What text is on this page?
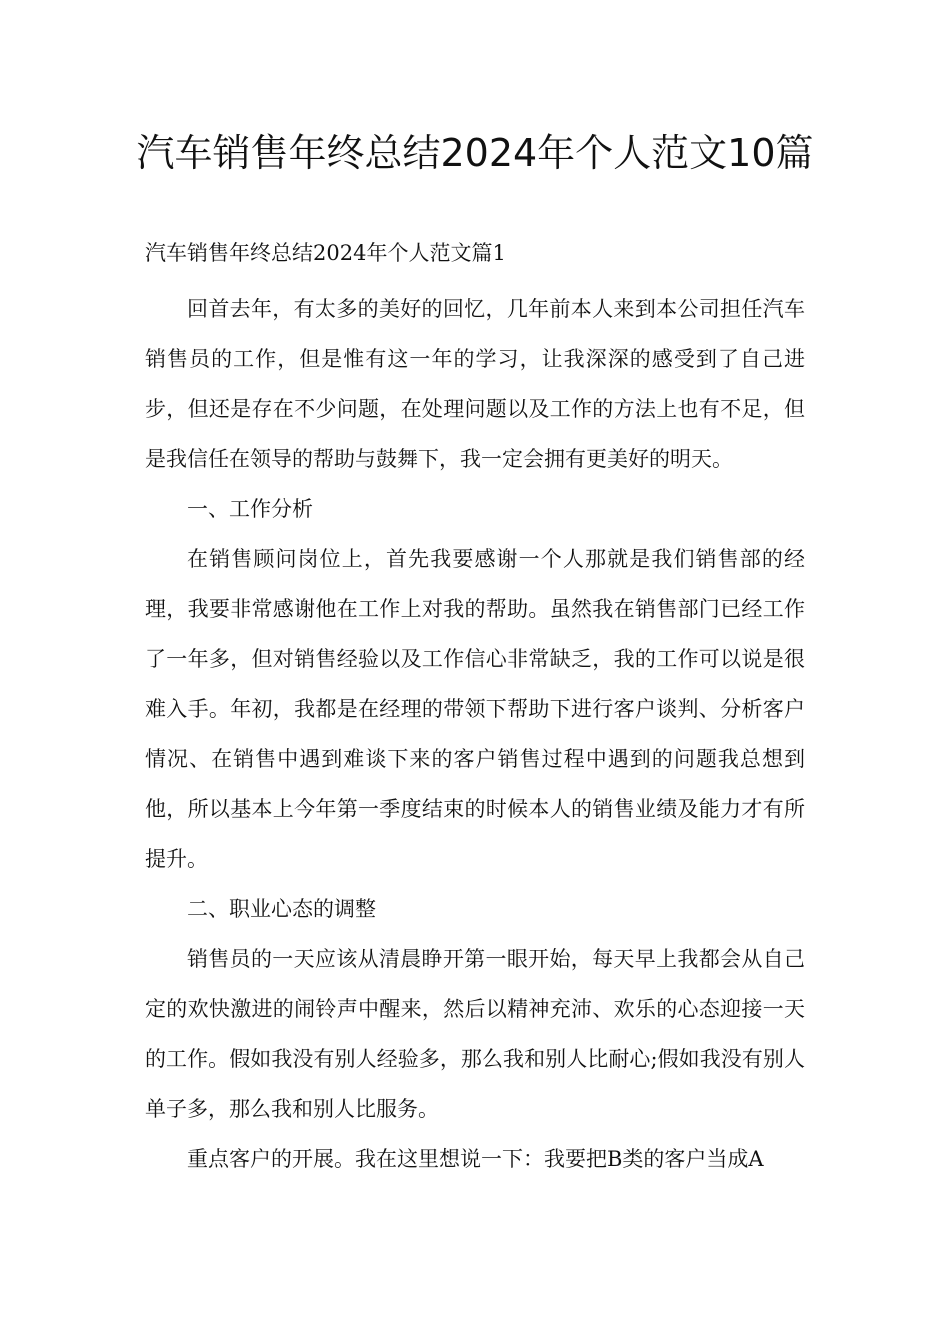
汽车销售年终总结2024年个人范文10篇
汽车销售年终总结2024年个人范文篇1

回首去年，有太多的美好的回忆，几年前本人来到本公司担任汽车销售员的工作，但是惟有这一年的学习，让我深深的感受到了自己进步，但还是存在不少问题，在处理问题以及工作的方法上也有不足，但是我信任在领导的帮助与鼓舞下，我一定会拥有更美好的明天。

一、工作分析

在销售顾问岗位上，首先我要感谢一个人那就是我们销售部的经理，我要非常感谢他在工作上对我的帮助。虽然我在销售部门已经工作了一年多，但对销售经验以及工作信心非常缺乏，我的工作可以说是很难入手。年初，我都是在经理的带领下帮助下进行客户谈判、分析客户情况、在销售中遇到难谈下来的客户销售过程中遇到的问题我总想到他，所以基本上今年第一季度结束的时候本人的销售业绩及能力才有所提升。

二、职业心态的调整

销售员的一天应该从清晨睁开第一眼开始，每天早上我都会从自己定的欢快激进的闹铃声中醒来，然后以精神充沛、欢乐的心态迎接一天的工作。假如我没有别人经验多，那么我和别人比耐心;假如我没有别人单子多，那么我和别人比服务。

重点客户的开展。我在这里想说一下：我要把B类的客户当成A
